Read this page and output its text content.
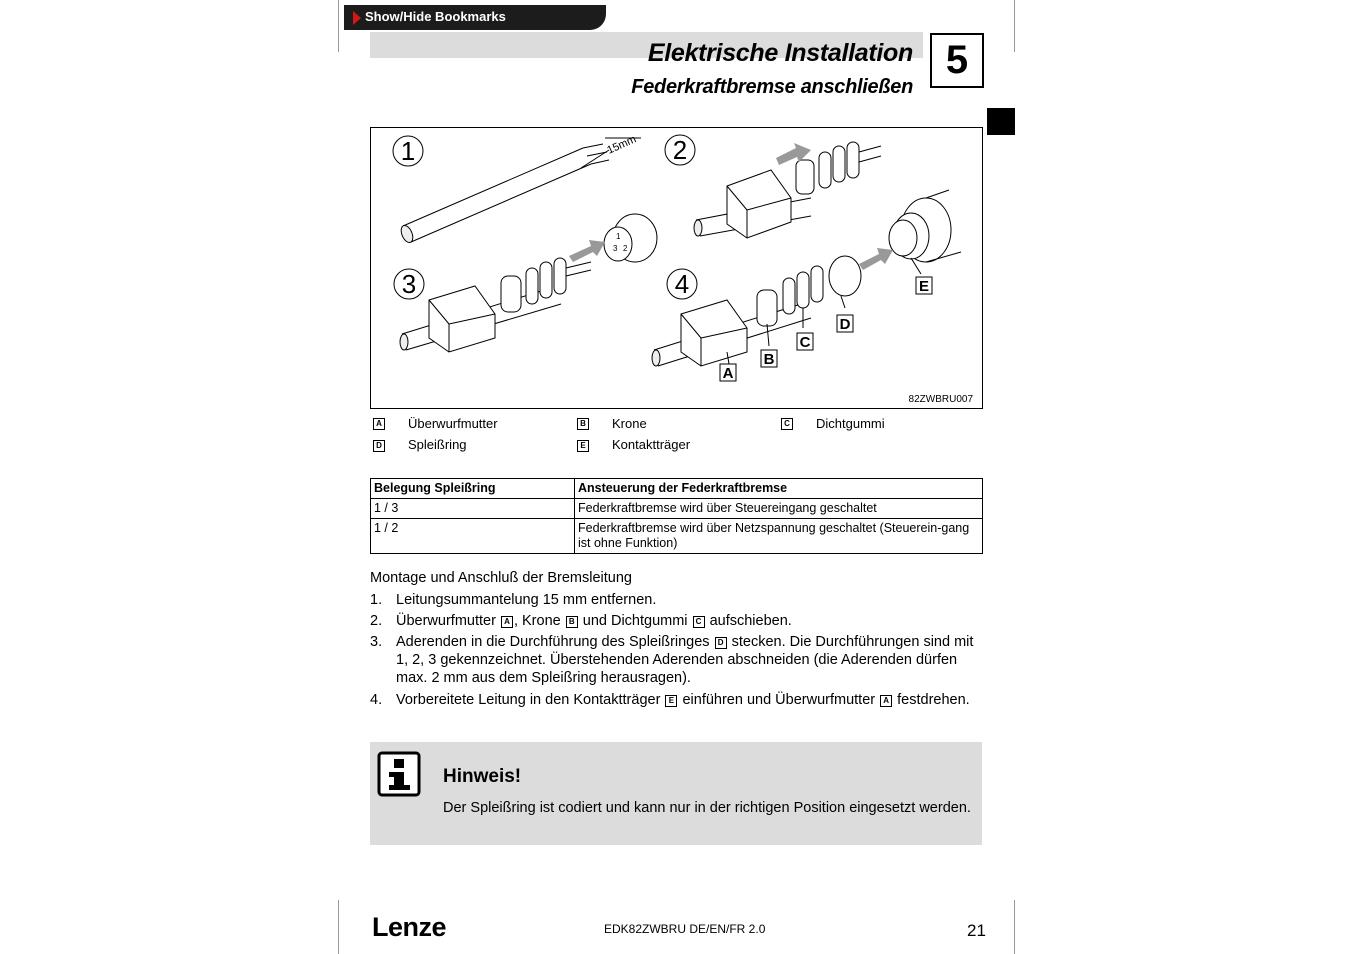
Show/Hide Bookmarks
Elektrische Installation
Federkraftbremse anschließen
5
1	2
3	4
15mm
1
3 2
A
B
C
D
E
82ZWBRU007
A Überwurfmutter	B Krone	C Dichtgummi
D Spleißring	E Kontaktträger
Belegung Spleißring	Ansteuerung der Federkraftbremse
1 / 3	Federkraftbremse wird über Steuereingang geschaltet
1 / 2	Federkraftbremse wird über Netzspannung geschaltet (Steuerein-gang ist ohne Funktion)
Montage und Anschluß der Bremsleitung
1. Leitungsummantelung 15 mm entfernen.
2. Überwurfmutter A , Krone B und Dichtgummi C aufschieben.
3. Aderenden in die Durchführung des Spleißringes D stecken. Die Durchführungen sind mit 1, 2, 3 gekennzeichnet. Überstehenden Aderenden abschneiden (die Aderenden dürfen max. 2 mm aus dem Spleißring herausragen).
4. Vorbereitete Leitung in den Kontaktträger E einführen und Überwurfmutter A festdrehen.
Hinweis!
Der Spleißring ist codiert und kann nur in der richtigen Position eingesetzt werden.
Lenze	EDK82ZWBRU DE/EN/FR 2.0	21
